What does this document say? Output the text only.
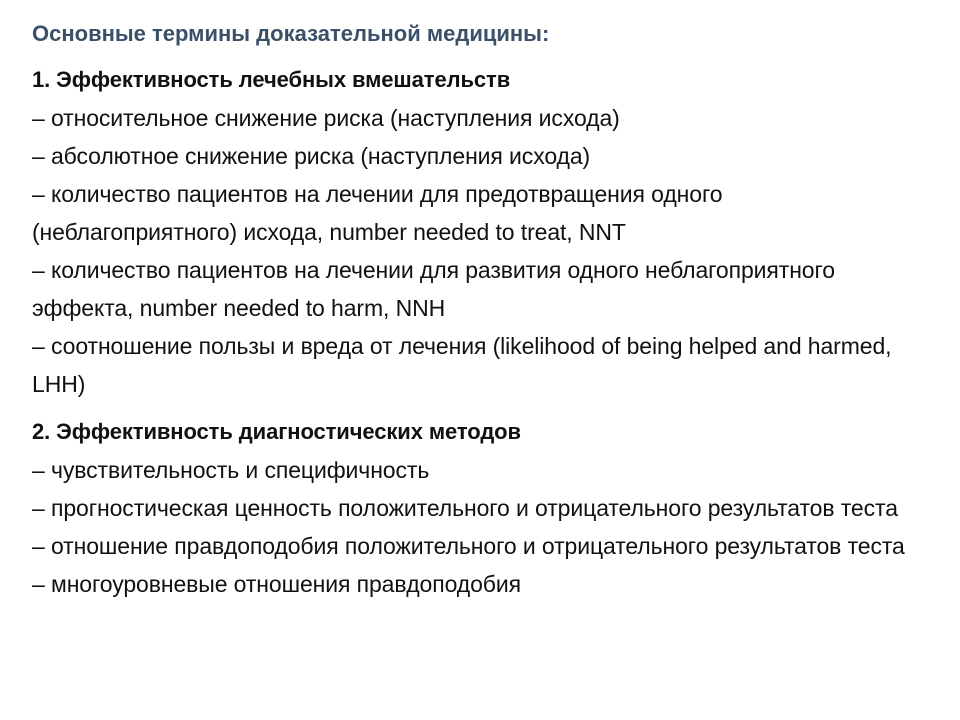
Основные термины доказательной медицины:
1. Эффективность лечебных вмешательств
– относительное снижение риска (наступления исхода)
– абсолютное снижение риска (наступления исхода)
– количество пациентов на лечении для предотвращения одного (неблагоприятного) исхода, number needed to treat, NNT
– количество пациентов на лечении для развития одного неблагоприятного эффекта, number needed to harm, NNH
– соотношение пользы и вреда от лечения (likelihood of being helped and harmed, LHH)
2. Эффективность диагностических методов
– чувствительность и специфичность
– прогностическая ценность положительного и отрицательного результатов теста
– отношение правдоподобия положительного и отрицательного результатов теста
– многоуровневые отношения правдоподобия
